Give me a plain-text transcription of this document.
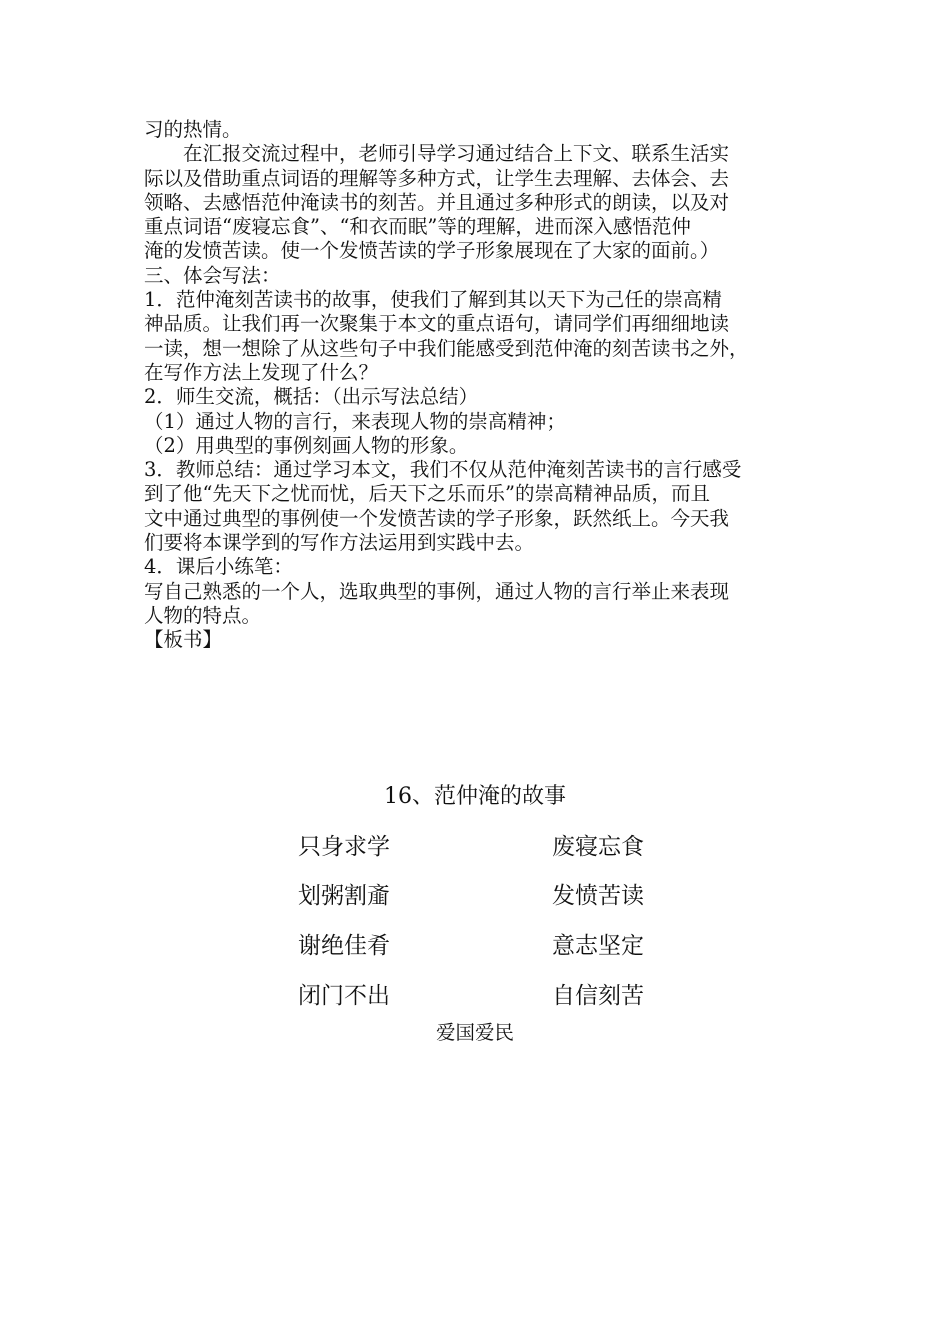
习的热情。

　　在汇报交流过程中，老师引导学习通过结合上下文、联系生活实

际以及借助重点词语的理解等多种方式，让学生去理解、去体会、去

领略、去感悟范仲淹读书的刻苦。并且通过多种形式的朗读，以及对

重点词语“废寝忘食”、“和衣而眠”等的理解，进而深入感悟范仲

淹的发愤苦读。使一个发愤苦读的学子形象展现在了大家的面前。）

三、体会写法：

1．范仲淹刻苦读书的故事，使我们了解到其以天下为己任的崇高精

神品质。让我们再一次聚集于本文的重点语句，请同学们再细细地读

一读，想一想除了从这些句子中我们能感受到范仲淹的刻苦读书之外，

在写作方法上发现了什么？

2．师生交流，概括：（出示写法总结）

（1）通过人物的言行，来表现人物的崇高精神；

（2）用典型的事例刻画人物的形象。

3．教师总结：通过学习本文，我们不仅从范仲淹刻苦读书的言行感受

到了他“先天下之忧而忧，后天下之乐而乐”的崇高精神品质，而且

文中通过典型的事例使一个发愤苦读的学子形象，跃然纸上。今天我

们要将本课学到的写作方法运用到实践中去。

4．课后小练笔：

写自己熟悉的一个人，选取典型的事例，通过人物的言行举止来表现

人物的特点。

【板书】

16、范仲淹的故事
只身求学	废寝忘食
划粥割齑	发愤苦读
谢绝佳肴	意志坚定
闭门不出	自信刻苦
爱国爱民
